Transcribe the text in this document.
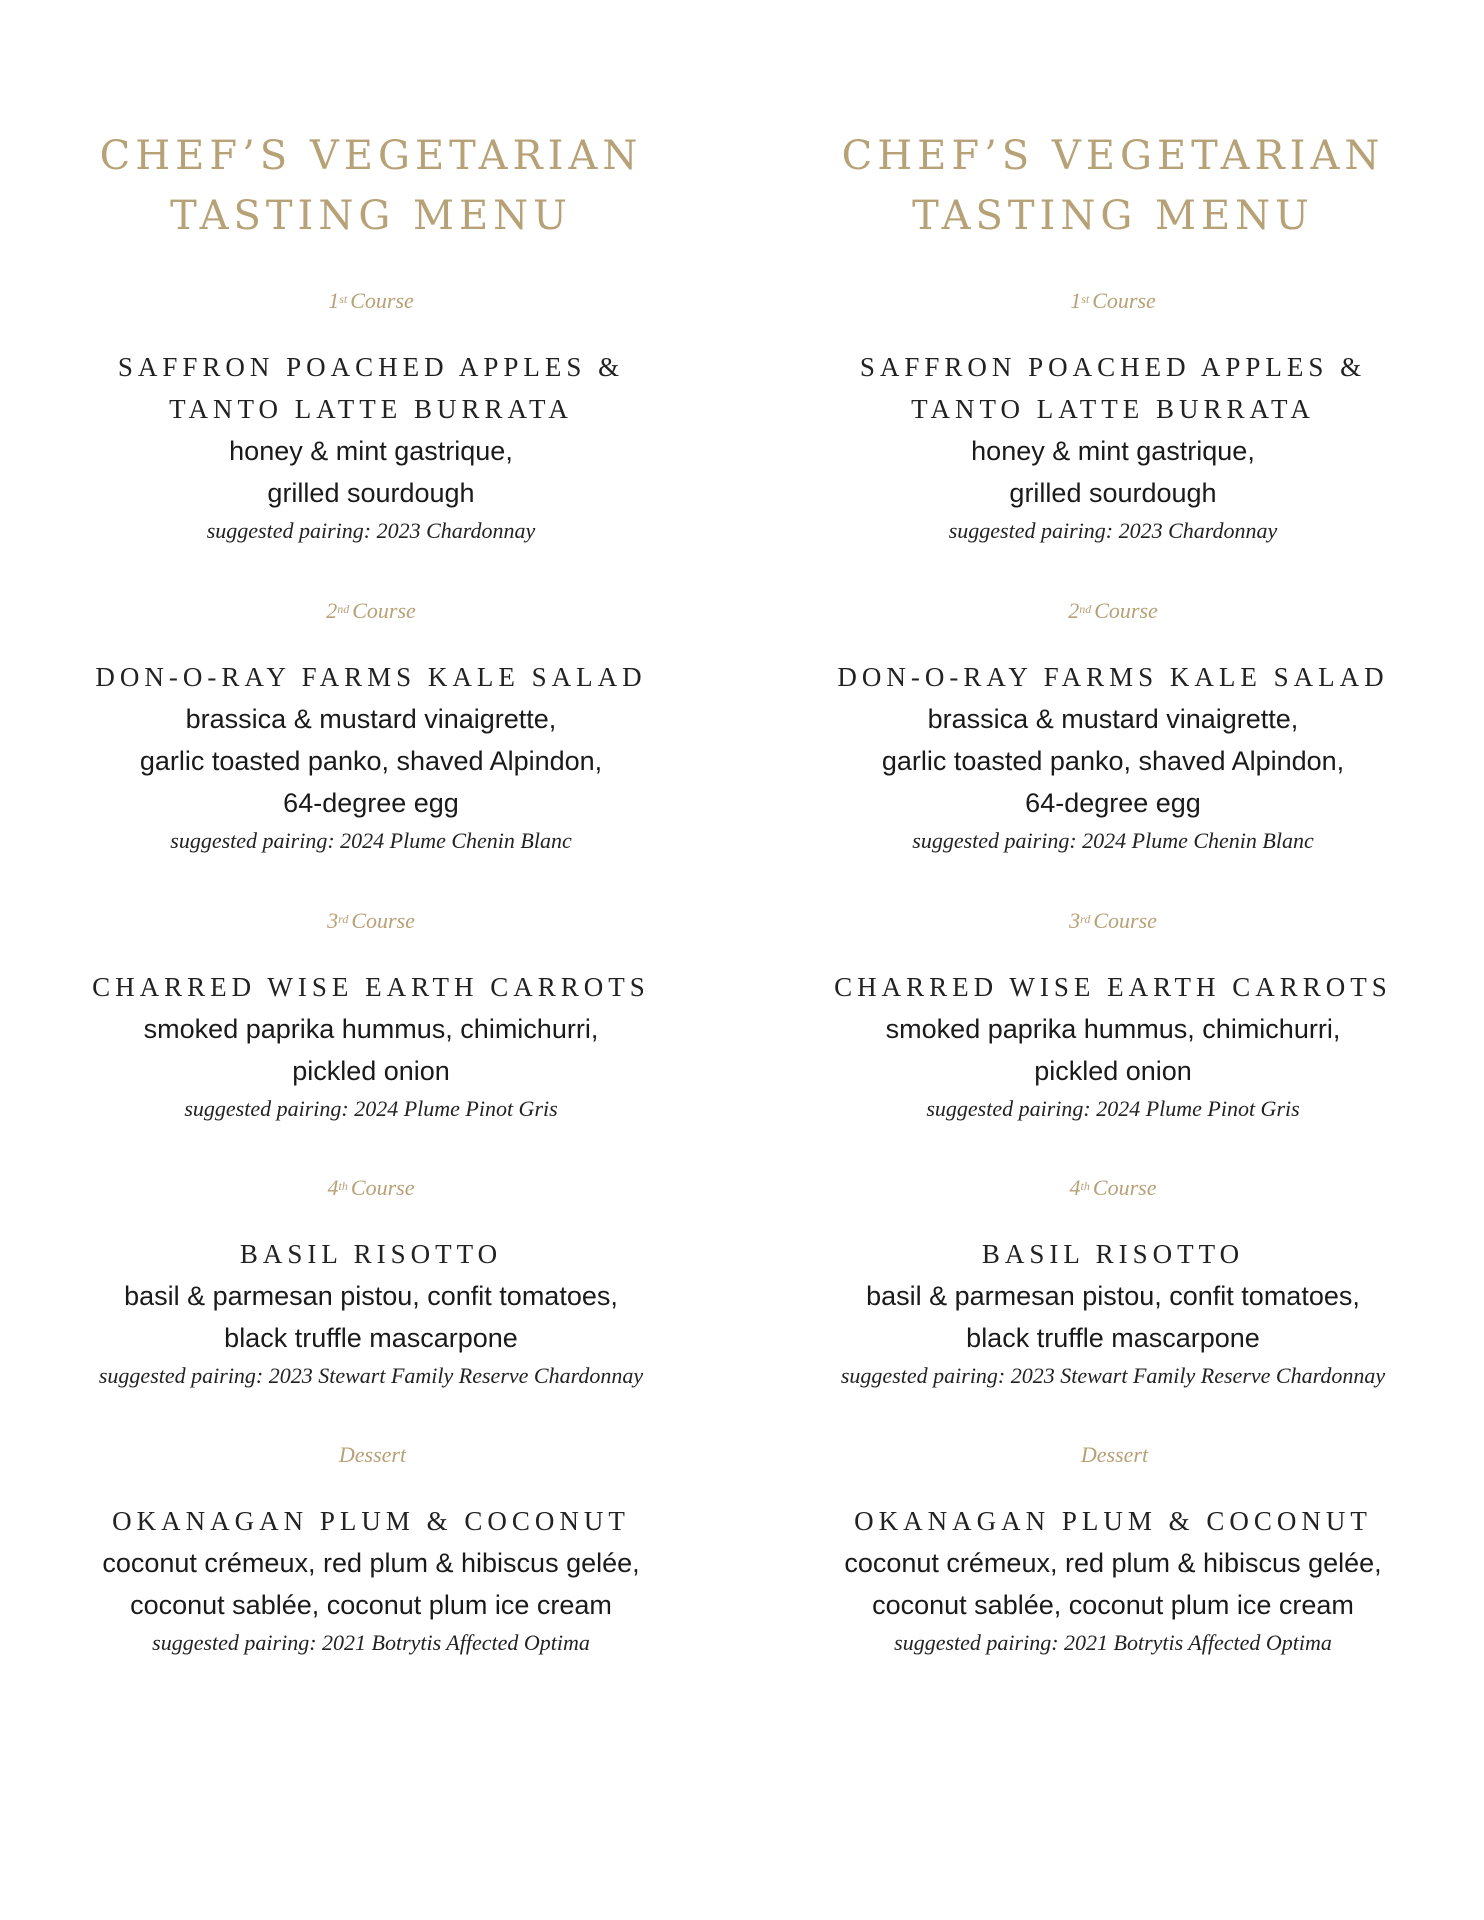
CHEF’S VEGETARIAN
TASTING MENU
1st Course
SAFFRON POACHED APPLES &
TANTO LATTE BURRATA
honey & mint gastrique,
grilled sourdough
suggested pairing: 2023 Chardonnay
2nd Course
DON-O-RAY FARMS KALE SALAD
brassica & mustard vinaigrette,
garlic toasted panko, shaved Alpindon,
64-degree egg
suggested pairing: 2024 Plume Chenin Blanc
3rd Course
CHARRED WISE EARTH CARROTS
smoked paprika hummus, chimichurri,
pickled onion
suggested pairing: 2024 Plume Pinot Gris
4th Course
BASIL RISOTTO
basil & parmesan pistou, confit tomatoes,
black truffle mascarpone
suggested pairing: 2023 Stewart Family Reserve Chardonnay
Dessert
OKANAGAN PLUM & COCONUT
coconut crémeux, red plum & hibiscus gelée,
coconut sablée, coconut plum ice cream
suggested pairing: 2021 Botrytis Affected Optima
CHEF’S VEGETARIAN
TASTING MENU
1st Course
SAFFRON POACHED APPLES &
TANTO LATTE BURRATA
honey & mint gastrique,
grilled sourdough
suggested pairing: 2023 Chardonnay
2nd Course
DON-O-RAY FARMS KALE SALAD
brassica & mustard vinaigrette,
garlic toasted panko, shaved Alpindon,
64-degree egg
suggested pairing: 2024 Plume Chenin Blanc
3rd Course
CHARRED WISE EARTH CARROTS
smoked paprika hummus, chimichurri,
pickled onion
suggested pairing: 2024 Plume Pinot Gris
4th Course
BASIL RISOTTO
basil & parmesan pistou, confit tomatoes,
black truffle mascarpone
suggested pairing: 2023 Stewart Family Reserve Chardonnay
Dessert
OKANAGAN PLUM & COCONUT
coconut crémeux, red plum & hibiscus gelée,
coconut sablée, coconut plum ice cream
suggested pairing: 2021 Botrytis Affected Optima
